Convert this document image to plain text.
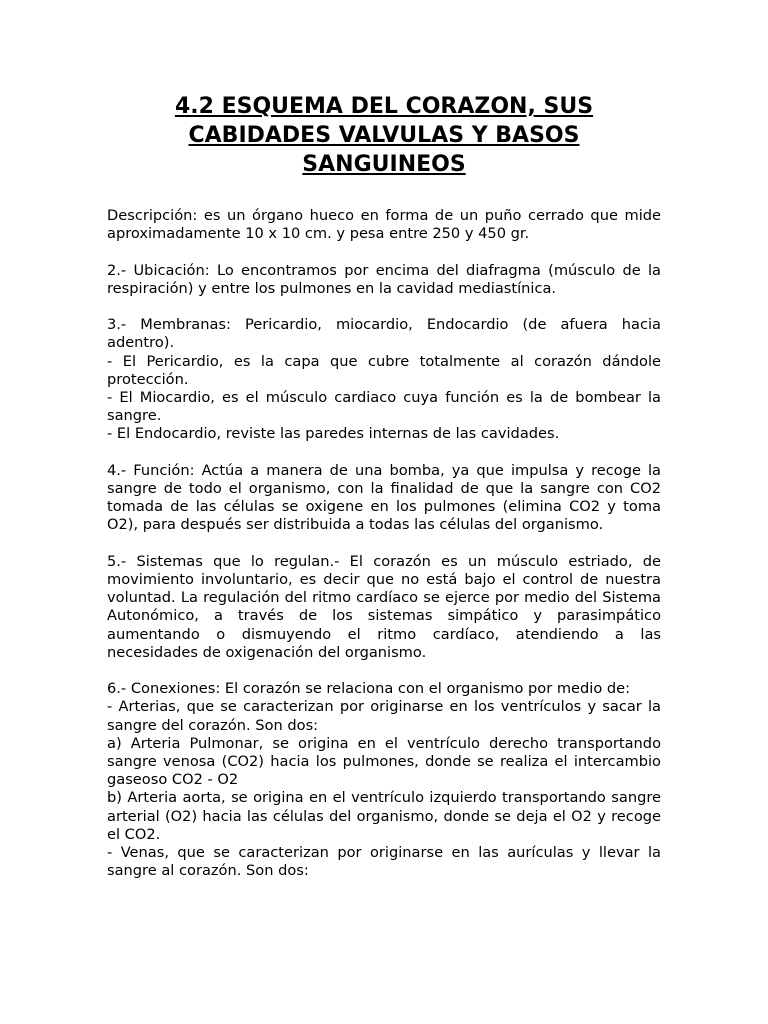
4.2 ESQUEMA DEL CORAZON, SUS
CABIDADES VALVULAS Y BASOS
SANGUINEOS

Descripción: es un órgano hueco en forma de un puño cerrado que mide aproximadamente 10 x 10 cm. y pesa entre 250 y 450 gr.

2.- Ubicación: Lo encontramos por encima del diafragma (músculo de la respiración) y entre los pulmones en la cavidad mediastínica.

3.- Membranas: Pericardio, miocardio, Endocardio (de afuera hacia adentro).
- El Pericardio, es la capa que cubre totalmente al corazón dándole protección.
- El Miocardio, es el músculo cardiaco cuya función es la de bombear la sangre.
- El Endocardio, reviste las paredes internas de las cavidades.

4.- Función: Actúa a manera de una bomba, ya que impulsa y recoge la sangre de todo el organismo, con la finalidad de que la sangre con CO2 tomada de las células se oxigene en los pulmones (elimina CO2 y toma O2), para después ser distribuida a todas las células del organismo.

5.- Sistemas que lo regulan.- El corazón es un músculo estriado, de movimiento involuntario, es decir que no está bajo el control de nuestra voluntad. La regulación del ritmo cardíaco se ejerce por medio del Sistema Autonómico, a través de los sistemas simpático y parasimpático aumentando o dismuyendo el ritmo cardíaco, atendiendo a las necesidades de oxigenación del organismo.

6.- Conexiones: El corazón se relaciona con el organismo por medio de:
- Arterias, que se caracterizan por originarse en los ventrículos y sacar la sangre del corazón. Son dos:
a) Arteria Pulmonar, se origina en el ventrículo derecho transportando sangre venosa (CO2) hacia los pulmones, donde se realiza el intercambio gaseoso CO2 - O2
b) Arteria aorta, se origina en el ventrículo izquierdo transportando sangre arterial (O2) hacia las células del organismo, donde se deja el O2 y recoge el CO2.
- Venas, que se caracterizan por originarse en las aurículas y llevar la sangre al corazón. Son dos:
